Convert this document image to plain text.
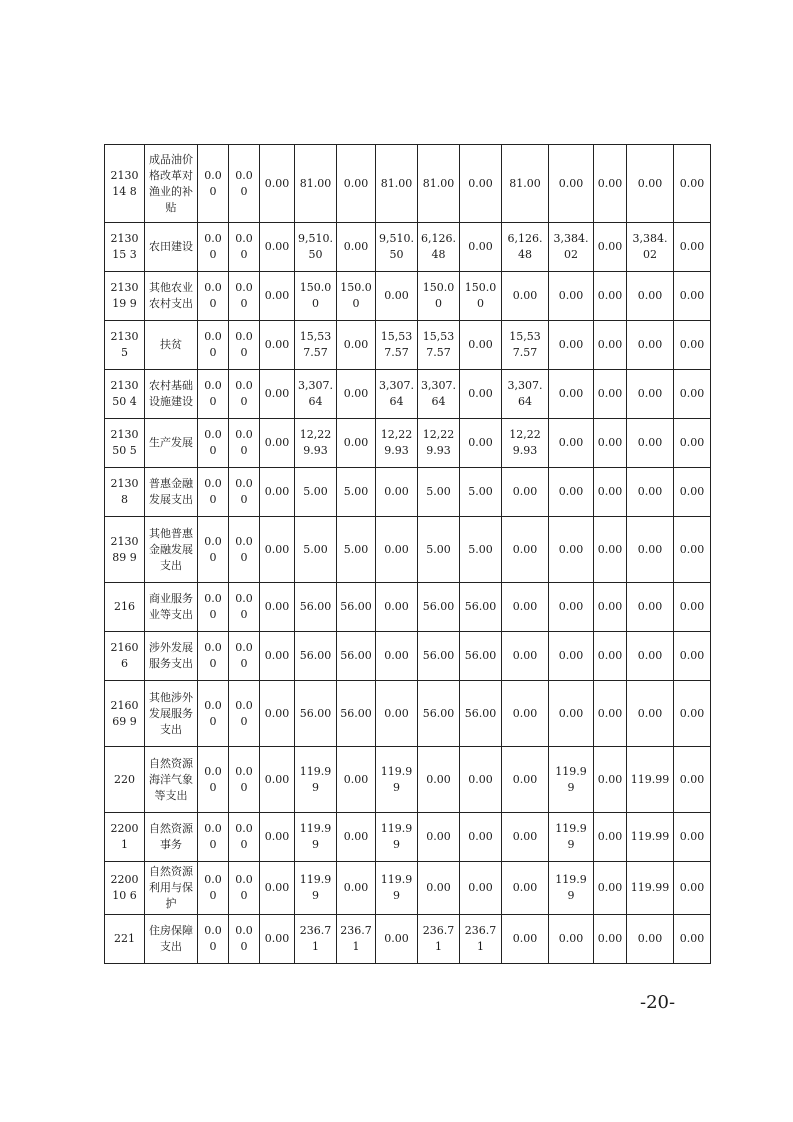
213014 8	成品油价格改革对渔业的补贴	0.00	0.00	0.00	81.00	0.00	81.00	81.00	0.00	81.00	0.00	0.00	0.00	0.00
213015 3	农田建设	0.00	0.00	0.00	9,510.50	0.00	9,510.50	6,126.48	0.00	6,126.48	3,384.02	0.00	3,384.02	0.00
213019 9	其他农业农村支出	0.00	0.00	0.00	150.00	150.00	0.00	150.00	150.00	0.00	0.00	0.00	0.00	0.00
21305	扶贫	0.00	0.00	0.00	15,537.57	0.00	15,537.57	15,537.57	0.00	15,537.57	0.00	0.00	0.00	0.00
213050 4	农村基础设施建设	0.00	0.00	0.00	3,307.64	0.00	3,307.64	3,307.64	0.00	3,307.64	0.00	0.00	0.00	0.00
213050 5	生产发展	0.00	0.00	0.00	12,229.93	0.00	12,229.93	12,229.93	0.00	12,229.93	0.00	0.00	0.00	0.00
21308	普惠金融发展支出	0.00	0.00	0.00	5.00	5.00	0.00	5.00	5.00	0.00	0.00	0.00	0.00	0.00
213089 9	其他普惠金融发展支出	0.00	0.00	0.00	5.00	5.00	0.00	5.00	5.00	0.00	0.00	0.00	0.00	0.00
216	商业服务业等支出	0.00	0.00	0.00	56.00	56.00	0.00	56.00	56.00	0.00	0.00	0.00	0.00	0.00
21606	涉外发展服务支出	0.00	0.00	0.00	56.00	56.00	0.00	56.00	56.00	0.00	0.00	0.00	0.00	0.00
216069 9	其他涉外发展服务支出	0.00	0.00	0.00	56.00	56.00	0.00	56.00	56.00	0.00	0.00	0.00	0.00	0.00
220	自然资源海洋气象等支出	0.00	0.00	0.00	119.99	0.00	119.99	0.00	0.00	0.00	119.99	0.00	119.99	0.00
22001	自然资源事务	0.00	0.00	0.00	119.99	0.00	119.99	0.00	0.00	0.00	119.99	0.00	119.99	0.00
220010 6	自然资源利用与保护	0.00	0.00	0.00	119.99	0.00	119.99	0.00	0.00	0.00	119.99	0.00	119.99	0.00
221	住房保障支出	0.00	0.00	0.00	236.71	236.71	0.00	236.71	236.71	0.00	0.00	0.00	0.00	0.00
-20-
